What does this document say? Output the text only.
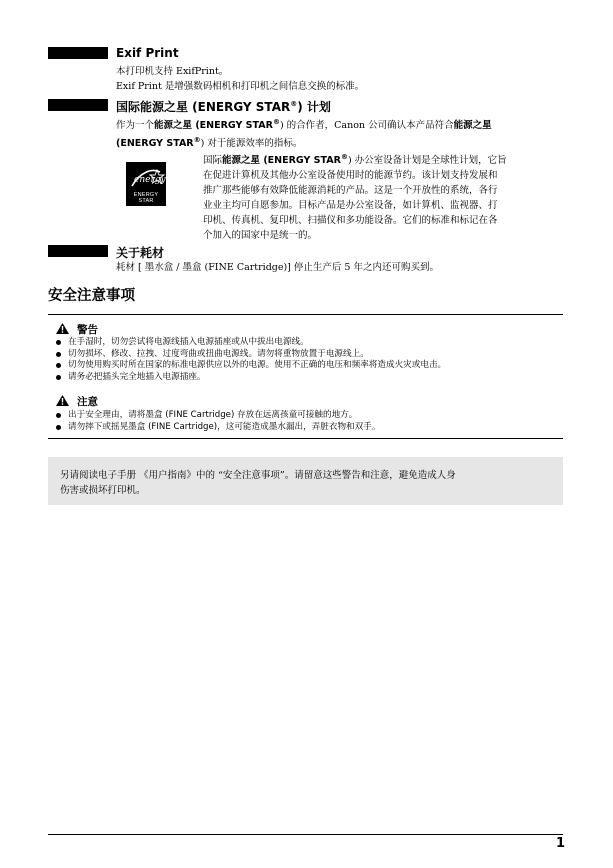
Exif Print
本打印机支持 ExifPrint。
Exif Print 是增强数码相机和打印机之间信息交换的标准。
国际能源之星 (ENERGY STAR®) 计划
作为一个能源之星 (ENERGY STAR®) 的合作者，Canon 公司确认本产品符合能源之星
(ENERGY STAR®) 对于能源效率的指标。
energy
ENERGY STAR
国际能源之星 (ENERGY STAR®) 办公室设备计划是全球性计划，它旨
在促进计算机及其他办公室设备使用时的能源节约。该计划支持发展和
推广那些能够有效降低能源消耗的产品。这是一个开放性的系统，各行
业业主均可自愿参加。目标产品是办公室设备，如计算机、监视器、打
印机、传真机、复印机、扫描仪和多功能设备。它们的标准和标记在各
个加入的国家中是统一的。
关于耗材
耗材 [ 墨水盒 / 墨盒 (FINE Cartridge)] 停止生产后 5 年之内还可购买到。
安全注意事项
警告
在手湿时，切勿尝试将电源线插入电源插座或从中拔出电源线。
切勿损坏、修改、拉拽、过度弯曲或扭曲电源线。请勿将重物放置于电源线上。
切勿使用购买时所在国家的标准电源供应以外的电源。使用不正确的电压和频率将造成火灾或电击。
请务必把插头完全地插入电源插座。
注意
出于安全理由，请将墨盒 (FINE Cartridge) 存放在远离孩童可接触的地方。
请勿摔下或摇晃墨盒 (FINE Cartridge)，这可能造成墨水漏出，弄脏衣物和双手。
另请阅读电子手册 《用户指南》中的 “安全注意事项”。请留意这些警告和注意，避免造成人身
伤害或损坏打印机。
1
